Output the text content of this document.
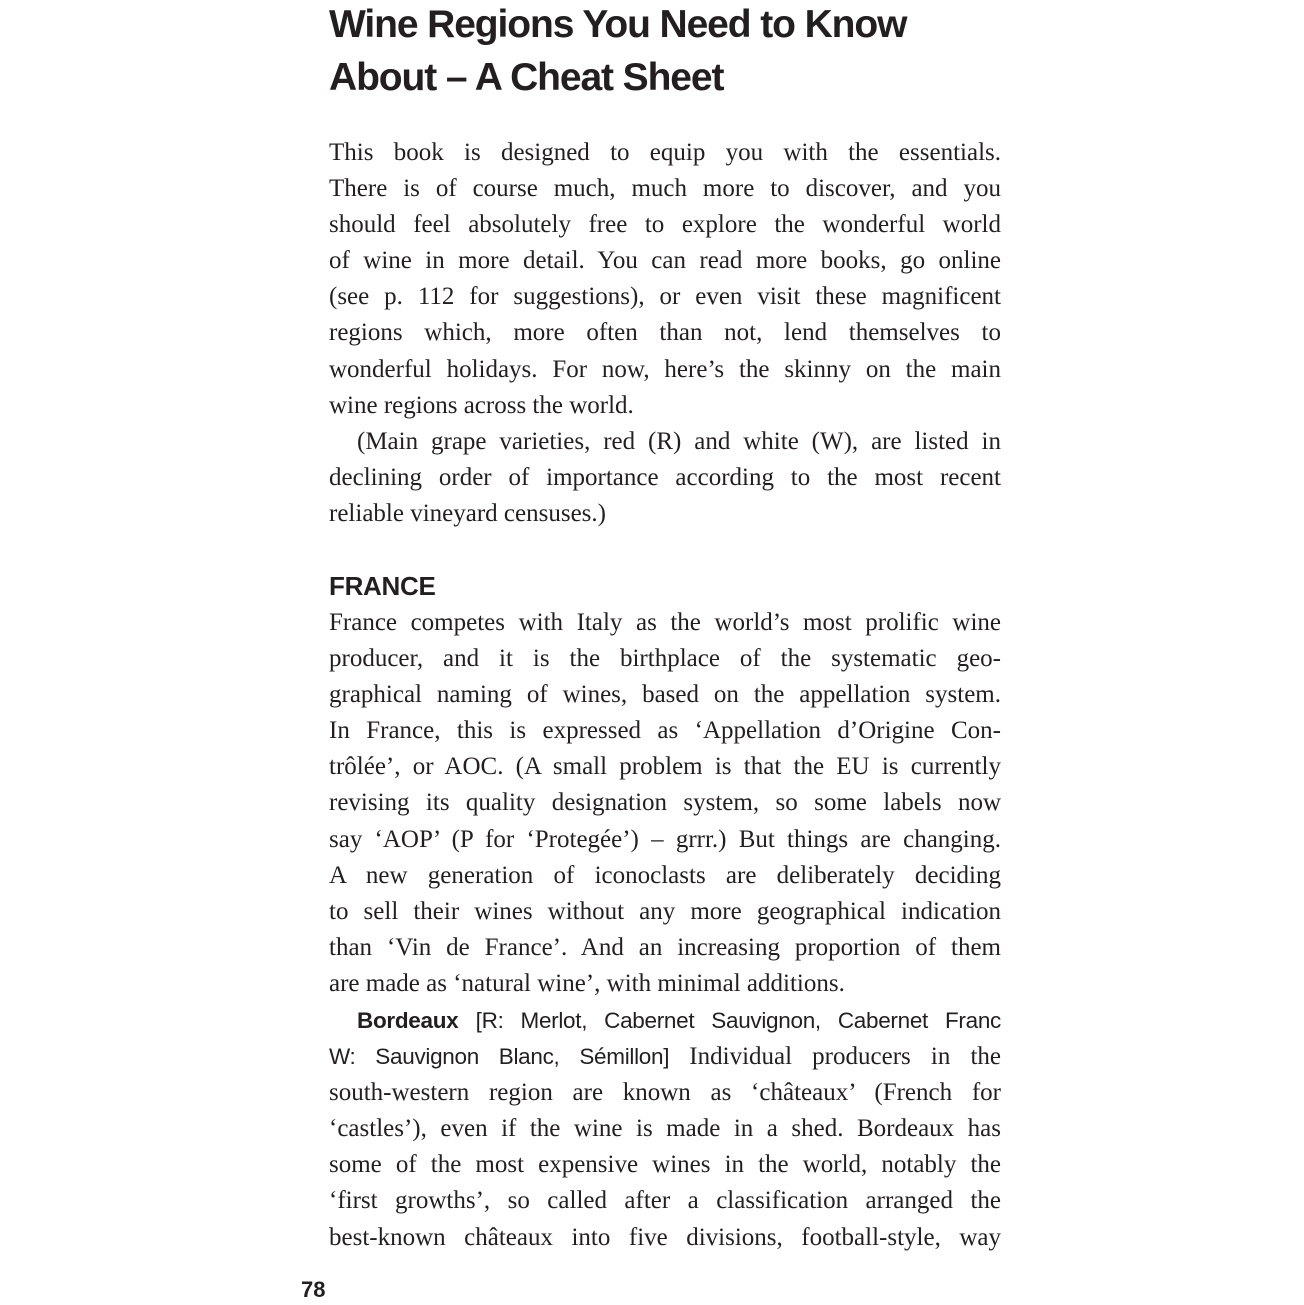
Wine Regions You Need to Know
About – A Cheat Sheet
This book is designed to equip you with the essentials.
There is of course much, much more to discover, and you
should feel absolutely free to explore the wonderful world
of wine in more detail. You can read more books, go online
(see p. 112 for suggestions), or even visit these magnificent
regions which, more often than not, lend themselves to
wonderful holidays. For now, here’s the skinny on the main
wine regions across the world.
(Main grape varieties, red (R) and white (W), are listed in
declining order of importance according to the most recent
reliable vineyard censuses.)
FRANCE
France competes with Italy as the world’s most prolific wine
producer, and it is the birthplace of the systematic geo-
graphical naming of wines, based on the appellation system.
In France, this is expressed as ‘Appellation d’Origine Con-
trôlée’, or AOC. (A small problem is that the EU is currently
revising its quality designation system, so some labels now
say ‘AOP’ (P for ‘Protegée’) – grrr.) But things are changing.
A new generation of iconoclasts are deliberately deciding
to sell their wines without any more geographical indication
than ‘Vin de France’. And an increasing proportion of them
are made as ‘natural wine’, with minimal additions.
Bordeaux [R: Merlot, Cabernet Sauvignon, Cabernet Franc
W: Sauvignon Blanc, Sémillon] Individual producers in the
south-western region are known as ‘châteaux’ (French for
‘castles’), even if the wine is made in a shed. Bordeaux has
some of the most expensive wines in the world, notably the
‘first growths’, so called after a classification arranged the
best-known châteaux into five divisions, football-style, way
78
